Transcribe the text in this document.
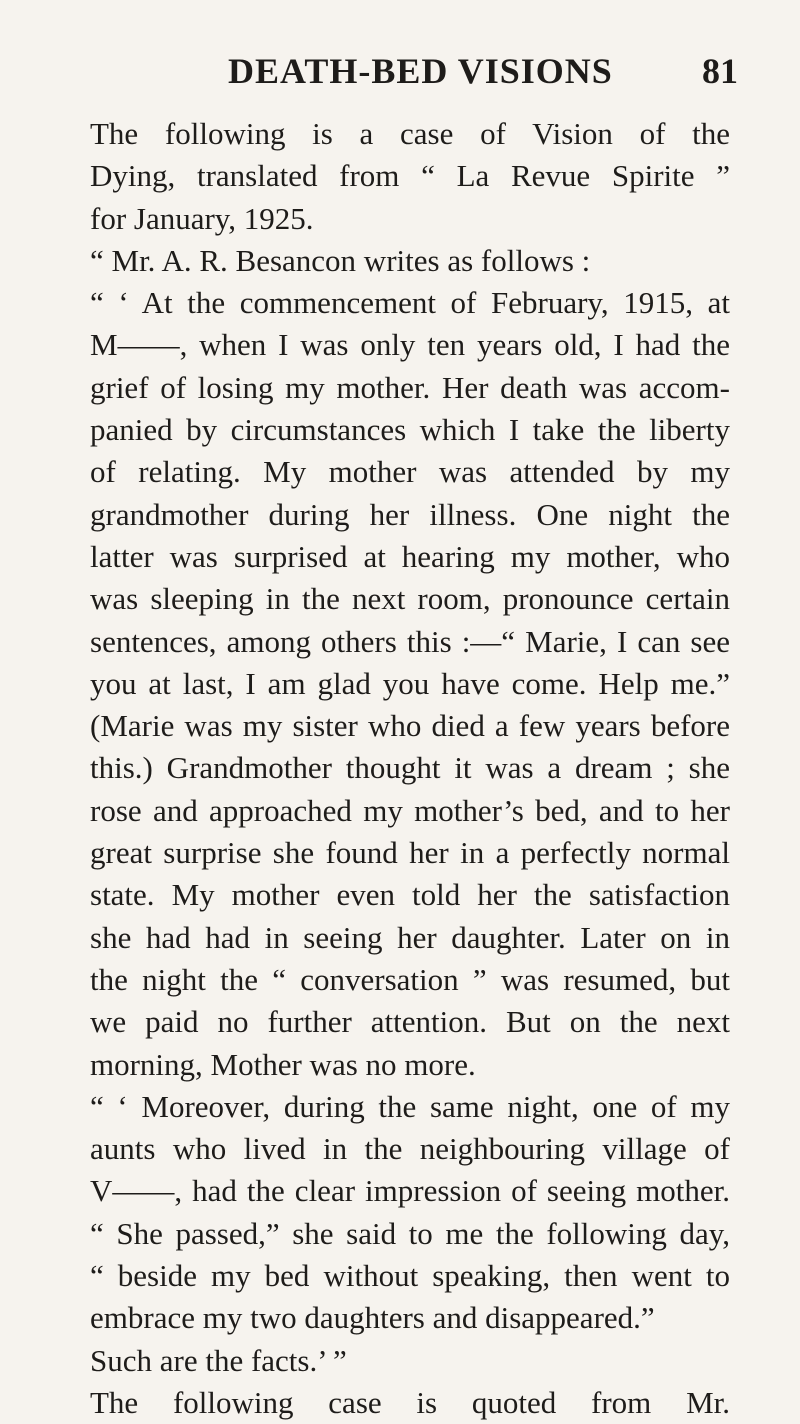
DEATH-BED VISIONS 81
The following is a case of Vision of the
Dying, translated from “ La Revue Spirite ”
for January, 1925.
“ Mr. A. R. Besancon writes as follows :
“ ‘ At the commencement of February, 1915, at
M——, when I was only ten years old, I had the
grief of losing my mother. Her death was accom-
panied by circumstances which I take the liberty
of relating. My mother was attended by my
grandmother during her illness. One night the
latter was surprised at hearing my mother, who
was sleeping in the next room, pronounce certain
sentences, among others this :—“ Marie, I can see
you at last, I am glad you have come. Help me.”
(Marie was my sister who died a few years before
this.) Grandmother thought it was a dream ; she
rose and approached my mother’s bed, and to her
great surprise she found her in a perfectly normal
state. My mother even told her the satisfaction
she had had in seeing her daughter. Later on in
the night the “ conversation ” was resumed, but
we paid no further attention. But on the next
morning, Mother was no more.
“ ‘ Moreover, during the same night, one of my
aunts who lived in the neighbouring village of
V——, had the clear impression of seeing mother.
“ She passed,” she said to me the following day,
“ beside my bed without speaking, then went to
embrace my two daughters and disappeared.”
Such are the facts.’ ”
The following case is quoted from Mr.
